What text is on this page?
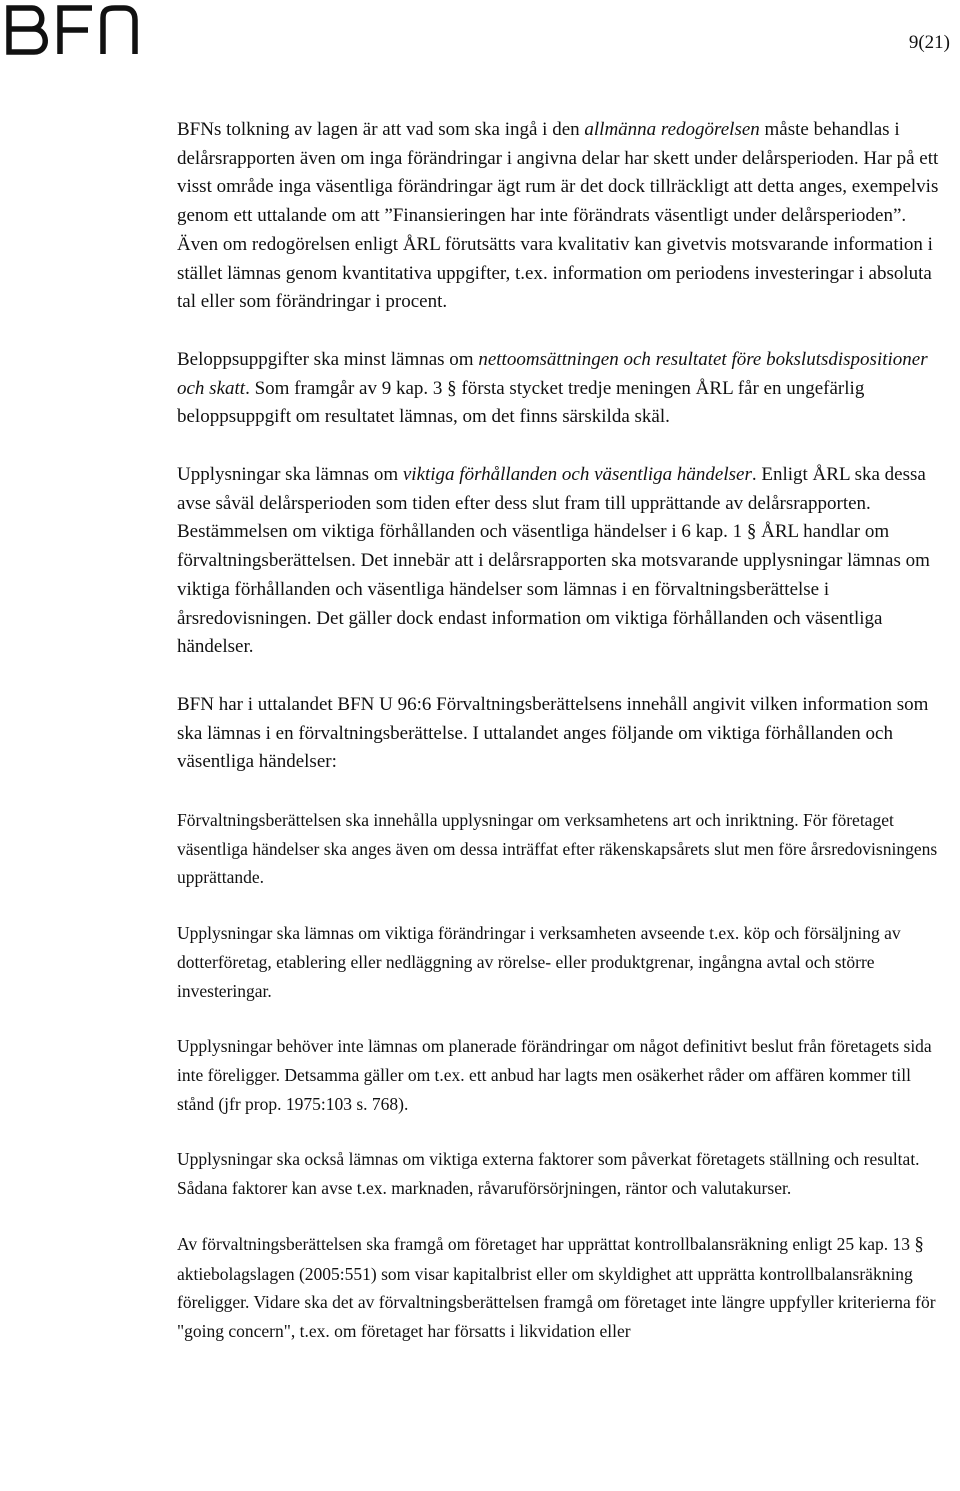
9(21)

BFNs tolkning av lagen är att vad som ska ingå i den allmänna redogörelsen måste behandlas i delårsrapporten även om inga förändringar i angivna delar har skett under delårsperioden. Har på ett visst område inga väsentliga förändringar ägt rum är det dock tillräckligt att detta anges, exempelvis genom ett uttalande om att ”Finansieringen har inte förändrats väsentligt under delårsperioden”. Även om redogörelsen enligt ÅRL förutsätts vara kvalitativ kan givetvis motsvarande information i stället lämnas genom kvantitativa uppgifter, t.ex. information om periodens investeringar i absoluta tal eller som förändringar i procent.

Beloppsuppgifter ska minst lämnas om nettoomsättningen och resultatet före bokslutsdispositioner och skatt. Som framgår av 9 kap. 3 § första stycket tredje meningen ÅRL får en ungefärlig beloppsuppgift om resultatet lämnas, om det finns särskilda skäl.

Upplysningar ska lämnas om viktiga förhållanden och väsentliga händelser. Enligt ÅRL ska dessa avse såväl delårsperioden som tiden efter dess slut fram till upprättande av delårsrapporten. Bestämmelsen om viktiga förhållanden och väsentliga händelser i 6 kap. 1 § ÅRL handlar om förvaltningsberättelsen. Det innebär att i delårsrapporten ska motsvarande upplysningar lämnas om viktiga förhållanden och väsentliga händelser som lämnas i en förvaltningsberättelse i årsredovisningen. Det gäller dock endast information om viktiga förhållanden och väsentliga händelser.

BFN har i uttalandet BFN U 96:6 Förvaltningsberättelsens innehåll angivit vilken information som ska lämnas i en förvaltningsberättelse. I uttalandet anges följande om viktiga förhållanden och väsentliga händelser:

Förvaltningsberättelsen ska innehålla upplysningar om verksamhetens art och inriktning. För företaget väsentliga händelser ska anges även om dessa inträffat efter räkenskapsårets slut men före årsredovisningens upprättande.

Upplysningar ska lämnas om viktiga förändringar i verksamheten avseende t.ex. köp och försäljning av dotterföretag, etablering eller nedläggning av rörelse- eller produktgrenar, ingångna avtal och större investeringar.

Upplysningar behöver inte lämnas om planerade förändringar om något definitivt beslut från företagets sida inte föreligger. Detsamma gäller om t.ex. ett anbud har lagts men osäkerhet råder om affären kommer till stånd (jfr prop. 1975:103 s. 768).

Upplysningar ska också lämnas om viktiga externa faktorer som påverkat företagets ställning och resultat. Sådana faktorer kan avse t.ex. marknaden, råvaruförsörjningen, räntor och valutakurser.

Av förvaltningsberättelsen ska framgå om företaget har upprättat kontrollbalansräkning enligt 25 kap. 13 § aktiebolagslagen (2005:551) som visar kapitalbrist eller om skyldighet att upprätta kontrollbalansräkning föreligger. Vidare ska det av förvaltningsberättelsen framgå om företaget inte längre uppfyller kriterierna för "going concern", t.ex. om företaget har försatts i likvidation eller
